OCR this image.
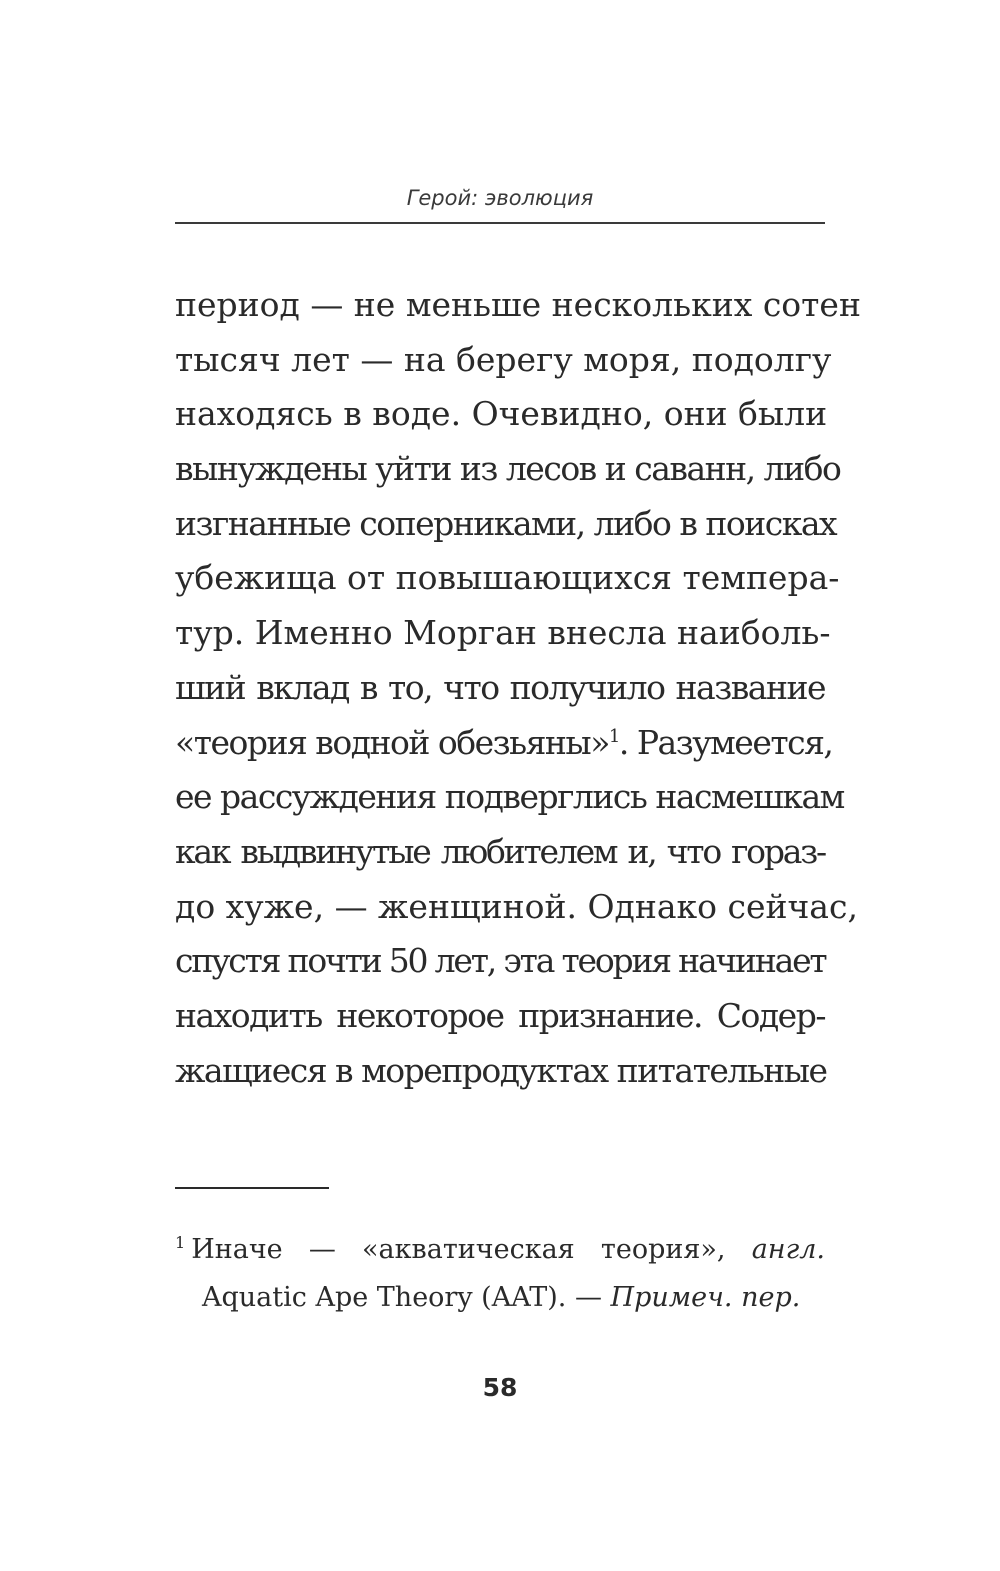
Герой: эволюция
период — не меньше нескольких сотен
тысяч лет — на берегу моря, подолгу
находясь в воде. Очевидно, они были
вынуждены уйти из лесов и саванн, либо
изгнанные соперниками, либо в поисках
убежища от повышающихся темпера-
тур. Именно Морган внесла наиболь-
ший вклад в то, что получило название
«теория водной обезьяны»$^1$. Разумеется,
ее рассуждения подверглись насмешкам
как выдвинутые любителем и, что гораз-
до хуже, — женщиной. Однако сейчас,
спустя почти 50 лет, эта теория начинает
находить некоторое признание. Содер-
жащиеся в морепродуктах питательные
$^1$ Иначе — «акватическая теория», англ.
Aquatic Ape Theory (AAT). — Примеч. пер.
58
